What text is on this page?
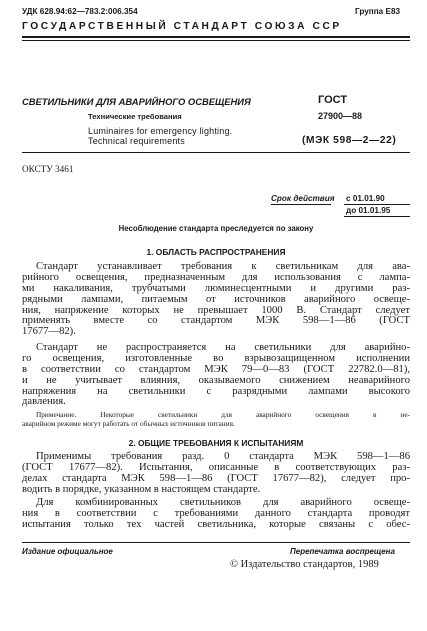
УДК 628.94:62—783.2:006.354	Группа Е83
ГОСУДАРСТВЕННЫЙ СТАНДАРТ СОЮЗА ССР
СВЕТИЛЬНИКИ ДЛЯ АВАРИЙНОГО ОСВЕЩЕНИЯ
Технические требования
Luminaires for emergency lighting.
Technical requirements
ГОСТ
27900—88
(МЭК 598—2—22)
ОКСТУ 3461
Срок действия с 01.01.90
до 01.01.95
Несоблюдение стандарта преследуется по закону
1. ОБЛАСТЬ РАСПРОСТРАНЕНИЯ
Стандарт устанавливает требования к светильникам для ава-
рийного освещения, предназначенным для использования с лампа-
ми накаливания, трубчатыми люминесцентными и другими раз-
рядными лампами, питаемым от источников аварийного освеще-
ния, напряжение которых не превышает 1000 В. Стандарт следует
применять вместе со стандартом МЭК 598—1—86 (ГОСТ
17677—82).
Стандарт не распространяется на светильники для аварийно-
го освещения, изготовленные во взрывозащищенном исполнении
в соответствии со стандартом МЭК 79—0—83 (ГОСТ 22782.0—81),
и не учитывает влияния, оказываемого снижением неаварийного
напряжения на светильники с разрядными лампами высокого
давления.
Примечание. Некоторые светильники для аварийного освещения в не-
аварийном режиме могут работать от обычных источников питания.
2. ОБЩИЕ ТРЕБОВАНИЯ К ИСПЫТАНИЯМ
Применимы требования разд. 0 стандарта МЭК 598—1—86
(ГОСТ 17677—82). Испытания, описанные в соответствующих раз-
делах стандарта МЭК 598—1—86 (ГОСТ 17677—82), следует про-
водить в порядке, указанном в настоящем стандарте.
Для комбинированных светильников для аварийного освеще-
ния в соответствии с требованиями данного стандарта проводят
испытания только тех частей светильника, которые связаны с обес-
Издание официальное	Перепечатка воспрещена
© Издательство стандартов, 1989
